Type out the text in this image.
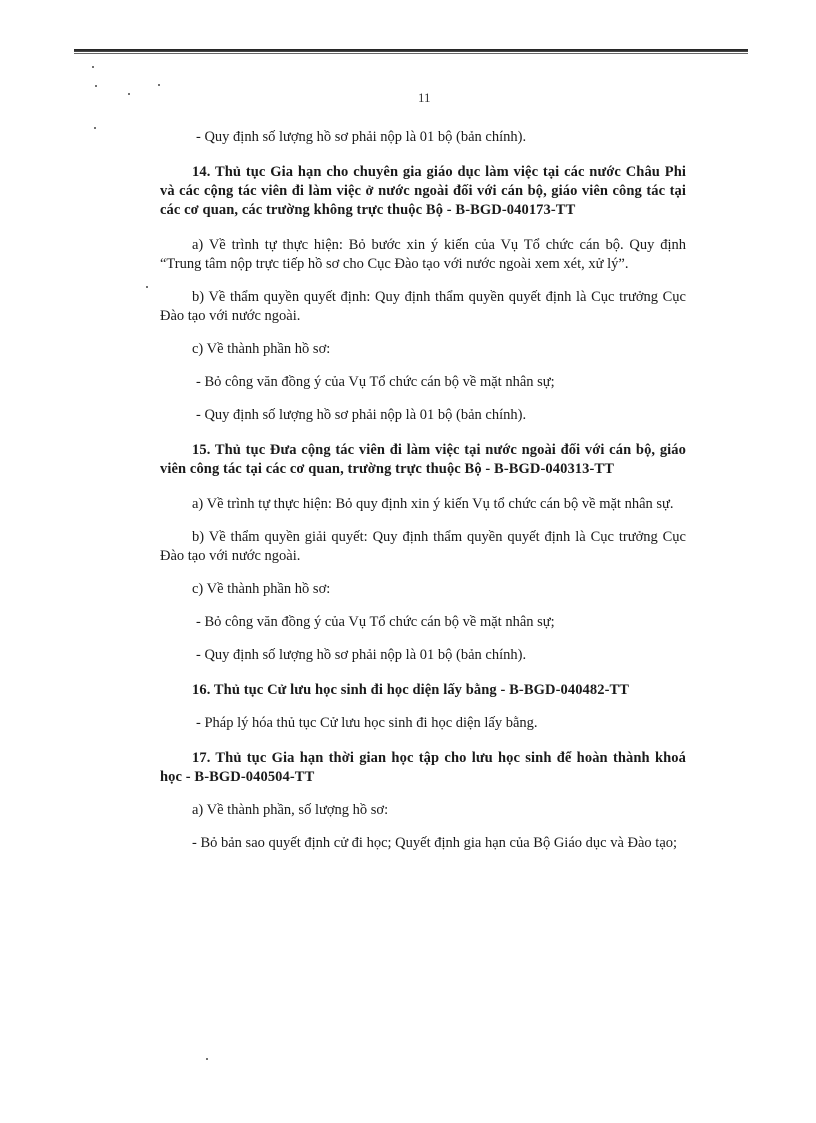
11

- Quy định số lượng hồ sơ phải nộp là 01 bộ (bản chính).

14. Thủ tục Gia hạn cho chuyên gia giáo dục làm việc tại các nước Châu Phi và các cộng tác viên đi làm việc ở nước ngoài đối với cán bộ, giáo viên công tác tại các cơ quan, các trường không trực thuộc Bộ - B-BGD-040173-TT

a) Về trình tự thực hiện: Bỏ bước xin ý kiến của Vụ Tổ chức cán bộ. Quy định “Trung tâm nộp trực tiếp hồ sơ cho Cục Đào tạo với nước ngoài xem xét, xử lý”.

b) Về thẩm quyền quyết định: Quy định thẩm quyền quyết định là Cục trưởng Cục Đào tạo với nước ngoài.

c) Về thành phần hồ sơ:

- Bỏ công văn đồng ý của Vụ Tổ chức cán bộ về mặt nhân sự;

- Quy định số lượng hồ sơ phải nộp là 01 bộ (bản chính).

15. Thủ tục Đưa cộng tác viên đi làm việc tại nước ngoài đối với cán bộ, giáo viên công tác tại các cơ quan, trường trực thuộc Bộ - B-BGD-040313-TT

a) Về trình tự thực hiện: Bỏ quy định xin ý kiến Vụ tổ chức cán bộ về mặt nhân sự.

b) Về thẩm quyền giải quyết: Quy định thẩm quyền quyết định là Cục trưởng Cục Đào tạo với nước ngoài.

c) Về thành phần hồ sơ:

- Bỏ công văn đồng ý của Vụ Tổ chức cán bộ về mặt nhân sự;

- Quy định số lượng hồ sơ phải nộp là 01 bộ (bản chính).

16. Thủ tục Cử lưu học sinh đi học diện lấy bằng - B-BGD-040482-TT

- Pháp lý hóa thủ tục Cử lưu học sinh đi học diện lấy bằng.

17. Thủ tục Gia hạn thời gian học tập cho lưu học sinh để hoàn thành khoá học - B-BGD-040504-TT

a) Về thành phần, số lượng hồ sơ:

- Bỏ bản sao quyết định cử đi học; Quyết định gia hạn của Bộ Giáo dục và Đào tạo;
